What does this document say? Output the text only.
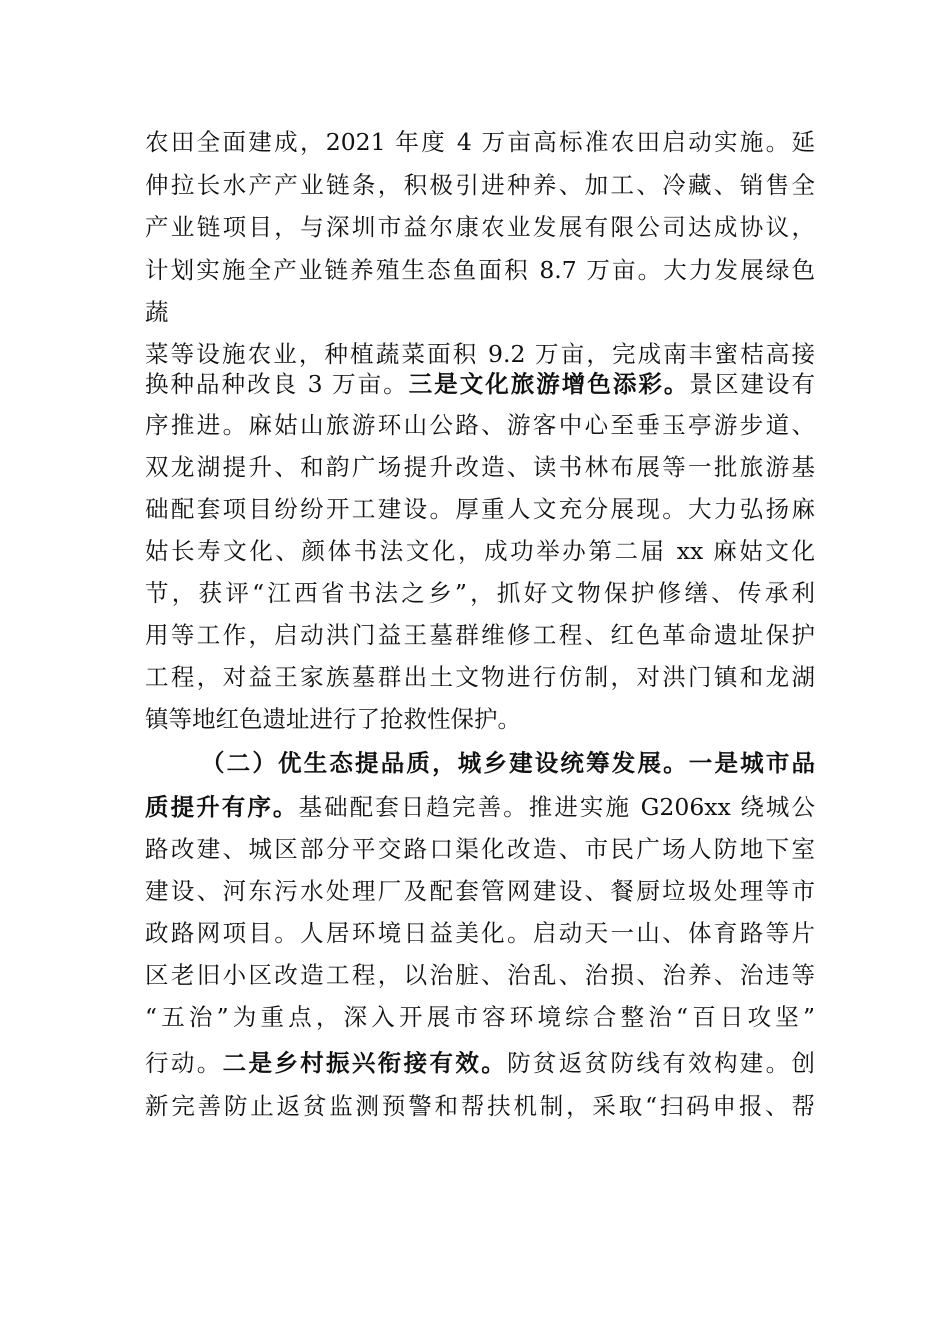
农田全面建成，2021 年度 4 万亩高标准农田启动实施。延
伸拉长水产产业链条，积极引进种养、加工、冷藏、销售全
产业链项目，与深圳市益尔康农业发展有限公司达成协议，
计划实施全产业链养殖生态鱼面积 8.7 万亩。大力发展绿色
蔬
菜等设施农业，种植蔬菜面积 9.2 万亩，完成南丰蜜桔高接
换种品种改良 3 万亩。三是文化旅游增色添彩。景区建设有
序推进。麻姑山旅游环山公路、游客中心至垂玉亭游步道、
双龙湖提升、和韵广场提升改造、读书林布展等一批旅游基
础配套项目纷纷开工建设。厚重人文充分展现。大力弘扬麻
姑长寿文化、颜体书法文化，成功举办第二届 xx 麻姑文化
节，获评“江西省书法之乡”，抓好文物保护修缮、传承利
用等工作，启动洪门益王墓群维修工程、红色革命遗址保护
工程，对益王家族墓群出土文物进行仿制，对洪门镇和龙湖
镇等地红色遗址进行了抢救性保护。
（二）优生态提品质，城乡建设统筹发展。一是城市品
质提升有序。基础配套日趋完善。推进实施 G206xx 绕城公
路改建、城区部分平交路口渠化改造、市民广场人防地下室
建设、河东污水处理厂及配套管网建设、餐厨垃圾处理等市
政路网项目。人居环境日益美化。启动天一山、体育路等片
区老旧小区改造工程，以治脏、治乱、治损、治养、治违等
“五治”为重点，深入开展市容环境综合整治“百日攻坚”
行动。二是乡村振兴衔接有效。防贫返贫防线有效构建。创
新完善防止返贫监测预警和帮扶机制，采取“扫码申报、帮
